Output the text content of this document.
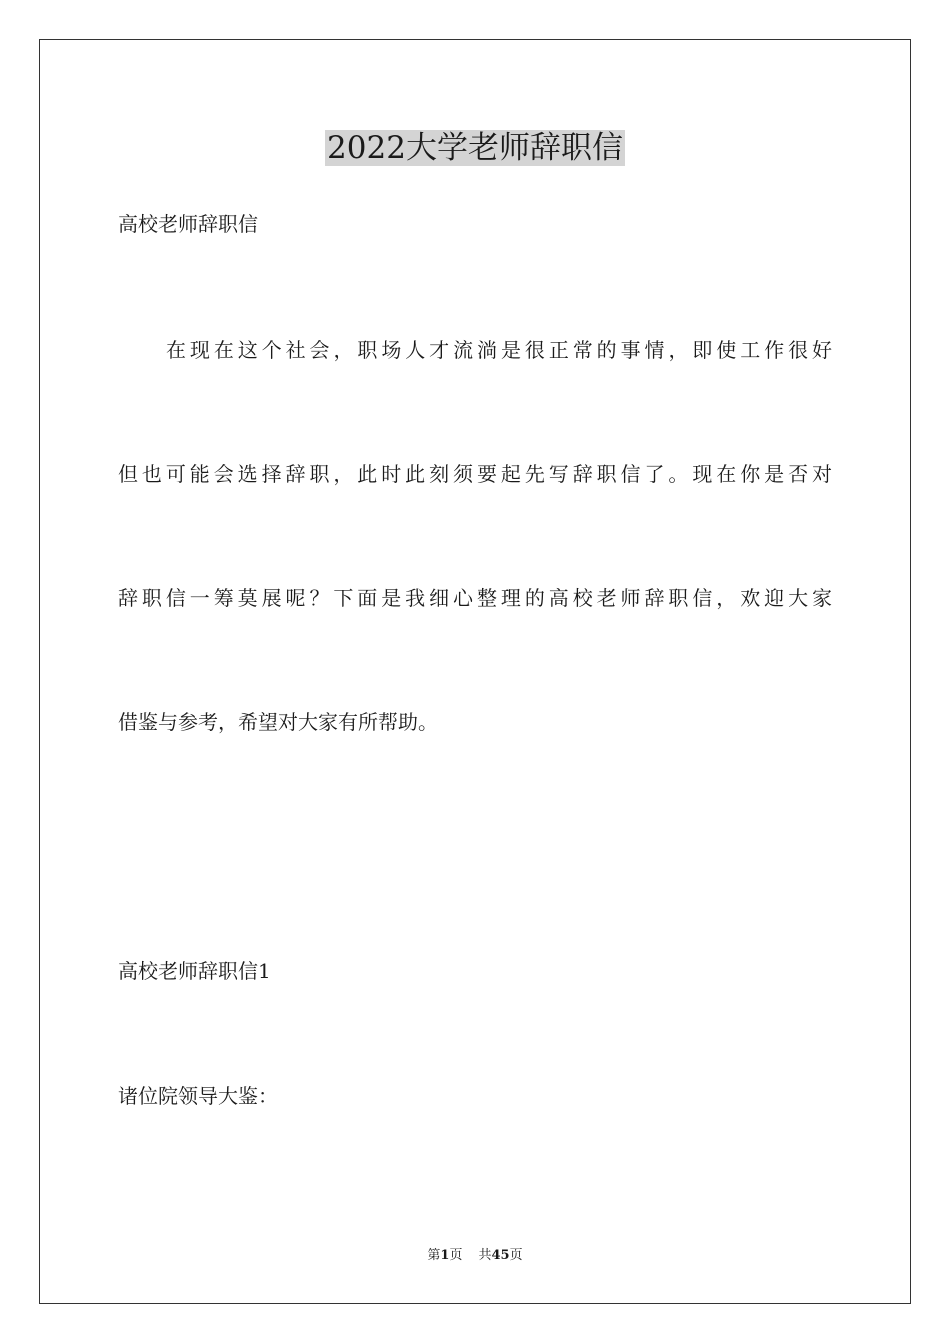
2022大学老师辞职信
高校老师辞职信
在现在这个社会，职场人才流淌是很正常的事情，即使工作很好
但也可能会选择辞职，此时此刻须要起先写辞职信了。现在你是否对
辞职信一筹莫展呢？下面是我细心整理的高校老师辞职信，欢迎大家
借鉴与参考，希望对大家有所帮助。
高校老师辞职信1
诸位院领导大鉴：
第1页 共45页
